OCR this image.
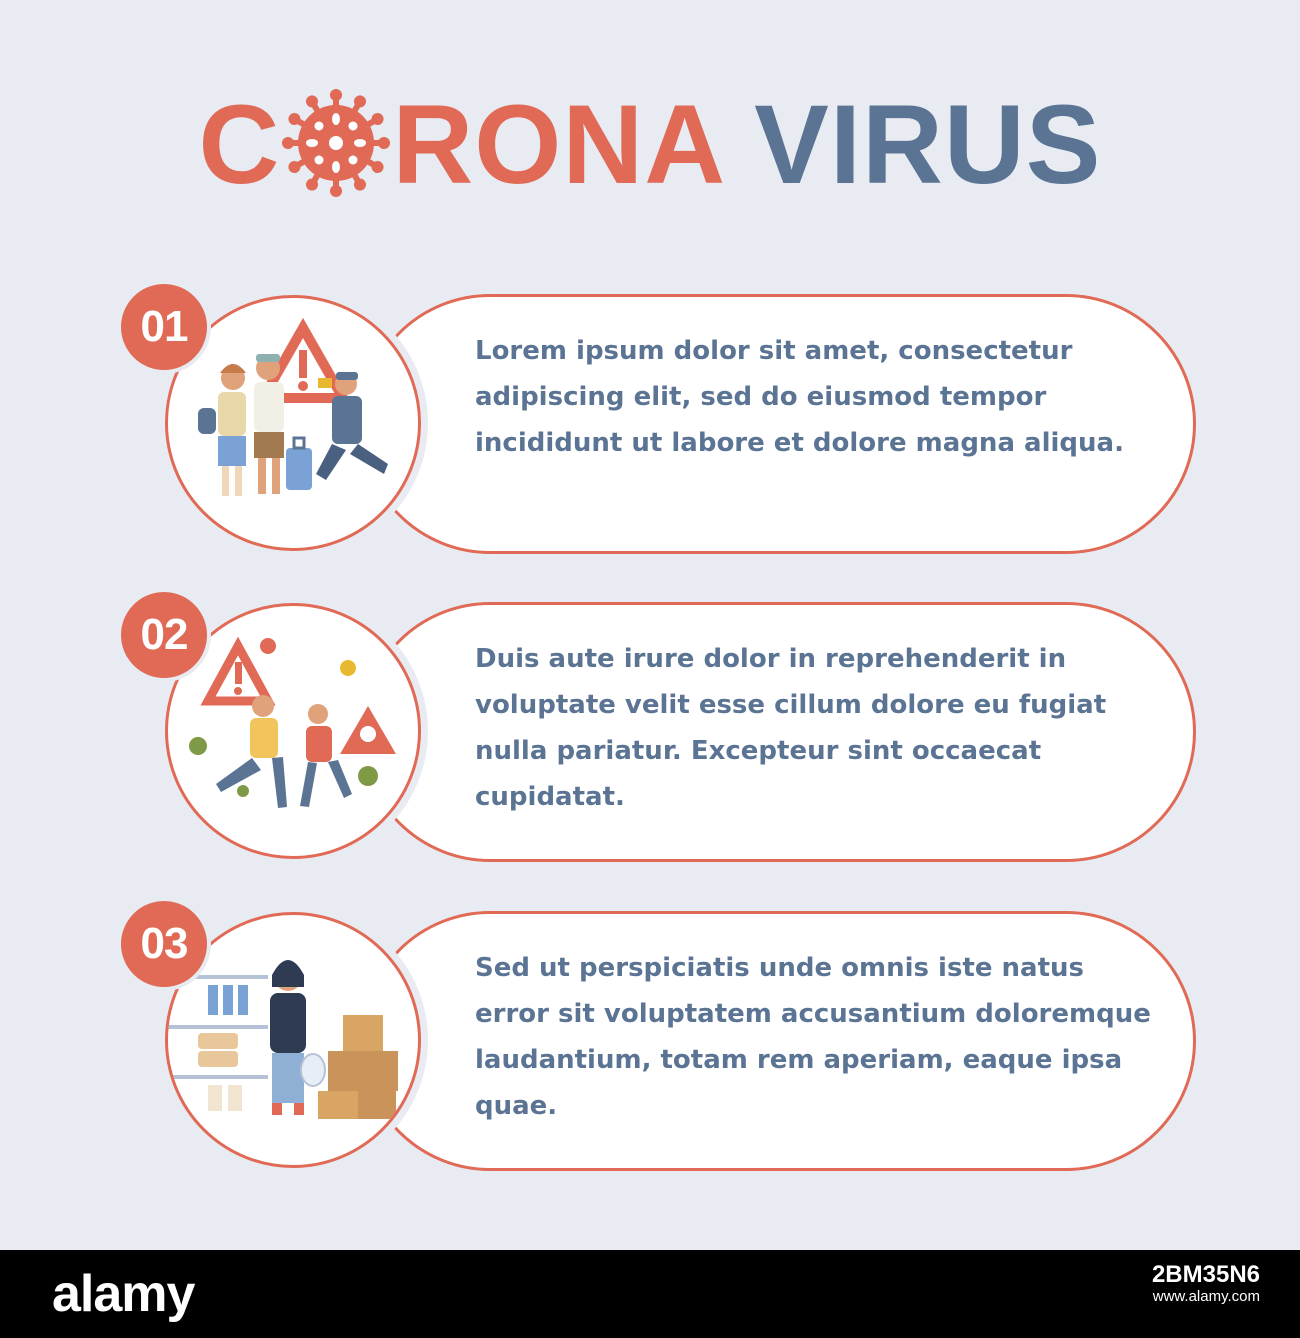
C RONA VIRUS

Lorem ipsum dolor sit amet, consectetur adipiscing elit, sed do eiusmod tempor incididunt ut labore et dolore magna aliqua.

01

Duis aute irure dolor in reprehenderit in voluptate velit esse cillum dolore eu fugiat nulla pariatur. Excepteur sint occaecat cupidatat.

02

Sed ut perspiciatis unde omnis iste natus error sit voluptatem accusantium doloremque laudantium, totam rem aperiam, eaque ipsa quae.

03
alamy	2BM35N6
www.alamy.com
